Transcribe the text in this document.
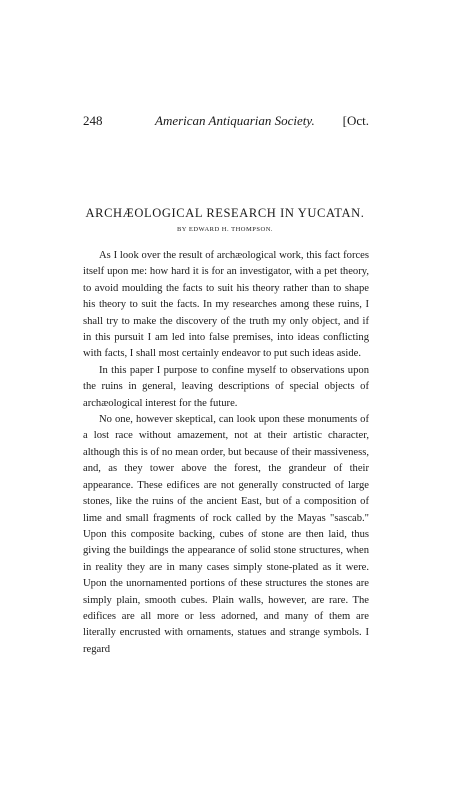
248	American Antiquarian Society. [Oct.
ARCHÆOLOGICAL RESEARCH IN YUCATAN.
BY EDWARD H. THOMPSON.

As I look over the result of archæological work, this fact forces itself upon me: how hard it is for an investigator, with a pet theory, to avoid moulding the facts to suit his theory rather than to shape his theory to suit the facts. In my researches among these ruins, I shall try to make the discovery of the truth my only object, and if in this pursuit I am led into false premises, into ideas conflicting with facts, I shall most certainly endeavor to put such ideas aside.

In this paper I purpose to confine myself to observations upon the ruins in general, leaving descriptions of special objects of archæological interest for the future.

No one, however skeptical, can look upon these monuments of a lost race without amazement, not at their artistic character, although this is of no mean order, but because of their massiveness, and, as they tower above the forest, the grandeur of their appearance. These edifices are not generally constructed of large stones, like the ruins of the ancient East, but of a composition of lime and small fragments of rock called by the Mayas "sascab." Upon this composite backing, cubes of stone are then laid, thus giving the buildings the appearance of solid stone structures, when in reality they are in many cases simply stone-plated as it were. Upon the unornamented portions of these structures the stones are simply plain, smooth cubes. Plain walls, however, are rare. The edifices are all more or less adorned, and many of them are literally encrusted with ornaments, statues and strange symbols. I regard
